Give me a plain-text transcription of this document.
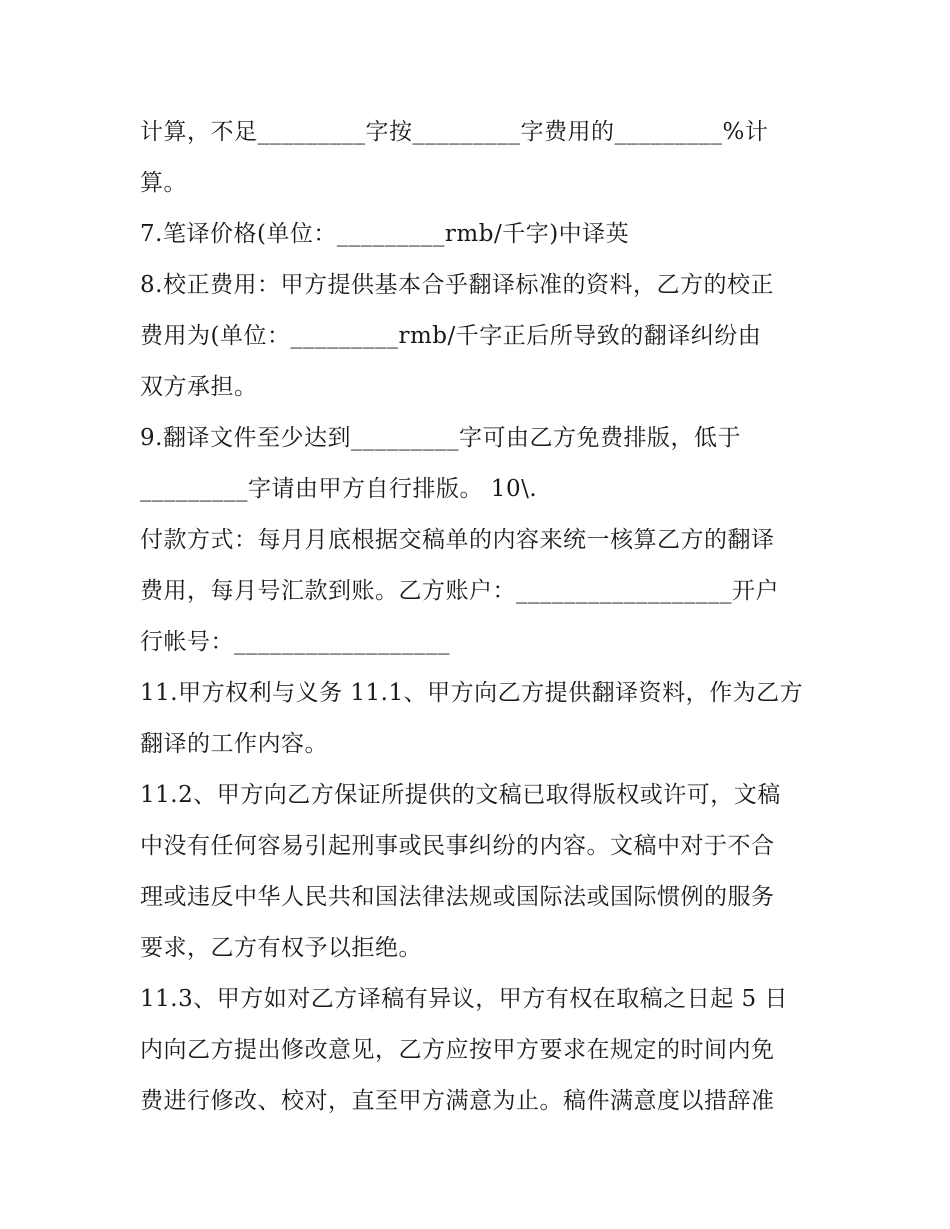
计算，不足_________字按_________字费用的_________%计
算。
7.笔译价格(单位：_________rmb/千字)中译英
8.校正费用：甲方提供基本合乎翻译标准的资料，乙方的校正
费用为(单位：_________rmb/千字正后所导致的翻译纠纷由
双方承担。
9.翻译文件至少达到_________字可由乙方免费排版，低于
_________字请由甲方自行排版。 10\.
付款方式：每月月底根据交稿单的内容来统一核算乙方的翻译
费用，每月号汇款到账。乙方账户：__________________开户
行帐号：__________________
11.甲方权利与义务 11.1、甲方向乙方提供翻译资料，作为乙方
翻译的工作内容。
11.2、甲方向乙方保证所提供的文稿已取得版权或许可，文稿
中没有任何容易引起刑事或民事纠纷的内容。文稿中对于不合
理或违反中华人民共和国法律法规或国际法或国际惯例的服务
要求，乙方有权予以拒绝。
11.3、甲方如对乙方译稿有异议，甲方有权在取稿之日起 5 日
内向乙方提出修改意见，乙方应按甲方要求在规定的时间内免
费进行修改、校对，直至甲方满意为止。稿件满意度以措辞准
